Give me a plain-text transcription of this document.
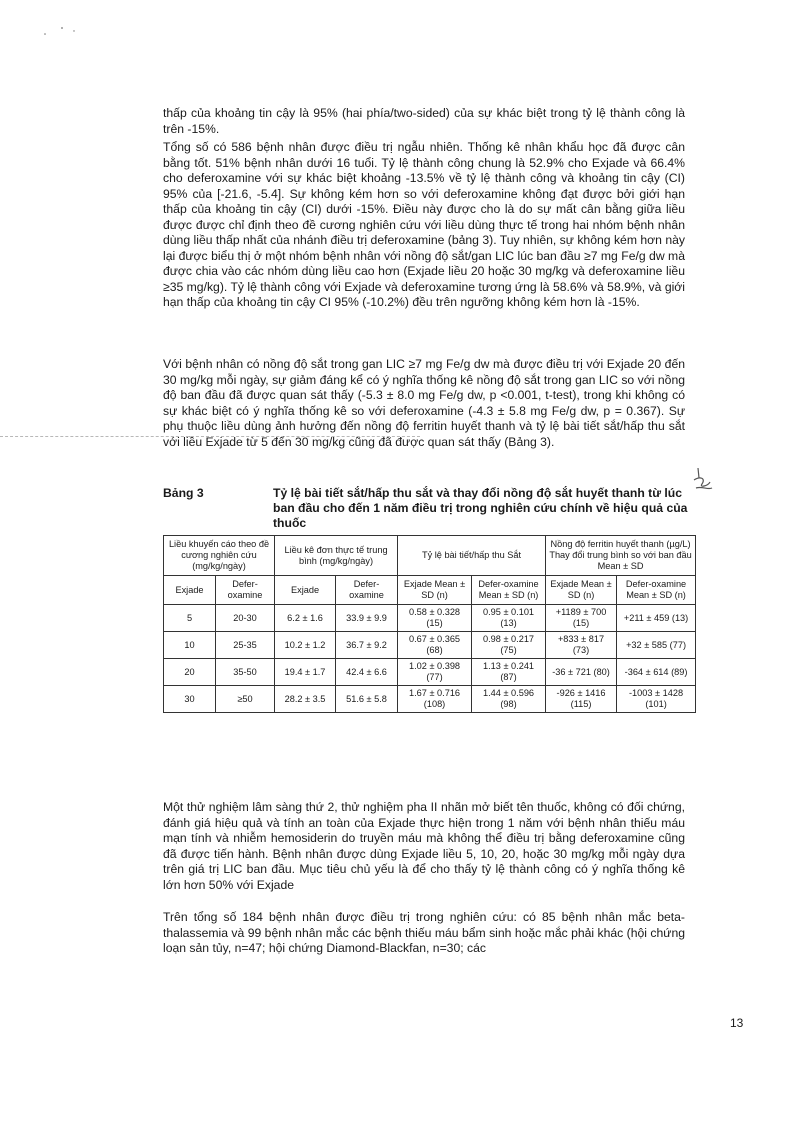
thấp của khoảng tin cậy là 95% (hai phía/two-sided) của sự khác biệt trong tỷ lệ thành công là trên -15%.

Tổng số có 586 bệnh nhân được điều trị ngẫu nhiên. Thống kê nhân khẩu học đã được cân bằng tốt. 51% bệnh nhân dưới 16 tuổi. Tỷ lệ thành công chung là 52.9% cho Exjade và 66.4% cho deferoxamine với sự khác biệt khoảng -13.5% về tỷ lệ thành công và khoảng tin cậy (CI) 95% của [-21.6, -5.4]. Sự không kém hơn so với deferoxamine không đạt được bởi giới hạn thấp của khoảng tin cậy (CI) dưới -15%. Điều này được cho là do sự mất cân bằng giữa liều được được chỉ định theo đề cương nghiên cứu với liều dùng thực tế trong hai nhóm bệnh nhân dùng liều thấp nhất của nhánh điều trị deferoxamine (bảng 3). Tuy nhiên, sự không kém hơn này lại được biểu thị ở một nhóm bệnh nhân với nồng độ sắt/gan LIC lúc ban đầu ≥7 mg Fe/g dw mà được chia vào các nhóm dùng liều cao hơn (Exjade liều 20 hoặc 30 mg/kg và deferoxamine liều ≥35 mg/kg). Tỷ lệ thành công với Exjade và deferoxamine tương ứng là 58.6% và 58.9%, và giới hạn thấp của khoảng tin cậy CI 95% (-10.2%) đều trên ngưỡng không kém hơn là -15%.

Với bệnh nhân có nồng độ sắt trong gan LIC ≥7 mg Fe/g dw mà được điều trị với Exjade 20 đến 30 mg/kg mỗi ngày, sự giảm đáng kể có ý nghĩa thống kê nồng độ sắt trong gan LIC so với nồng độ ban đầu đã được quan sát thấy (-5.3 ± 8.0 mg Fe/g dw, p <0.001, t-test), trong khi không có sự khác biệt có ý nghĩa thống kê so với deferoxamine (-4.3 ± 5.8 mg Fe/g dw, p = 0.367). Sự phụ thuộc liều dùng ảnh hưởng đến nồng độ ferritin huyết thanh và tỷ lệ bài tiết sắt/hấp thu sắt với liều Exjade từ 5 đến 30 mg/kg cũng đã được quan sát thấy (Bảng 3).

Bảng 3	Tỷ lệ bài tiết sắt/hấp thu sắt và thay đổi nồng độ sắt huyết thanh từ lúc ban đầu cho đến 1 năm điều trị trong nghiên cứu chính về hiệu quả của thuốc
Liều khuyến cáo theo đề cương nghiên cứu (mg/kg/ngày)		Liều kê đơn thực tế trung bình (mg/kg/ngày)		Tỷ lệ bài tiết/hấp thu Sắt		Nồng độ ferritin huyết thanh (µg/L) Thay đổi trung bình so với ban đầu Mean ± SD	
Exjade	Defer-oxamine	Exjade	Defer-oxamine	Exjade Mean ± SD (n)	Defer-oxamine Mean ± SD (n)	Exjade Mean ± SD (n)	Defer-oxamine Mean ± SD (n)
5	20-30	6.2 ± 1.6	33.9 ± 9.9	0.58 ± 0.328 (15)	0.95 ± 0.101 (13)	+1189 ± 700 (15)	+211 ± 459 (13)
10	25-35	10.2 ± 1.2	36.7 ± 9.2	0.67 ± 0.365 (68)	0.98 ± 0.217 (75)	+833 ± 817 (73)	+32 ± 585 (77)
20	35-50	19.4 ± 1.7	42.4 ± 6.6	1.02 ± 0.398 (77)	1.13 ± 0.241 (87)	-36 ± 721 (80)	-364 ± 614 (89)
30	≥50	28.2 ± 3.5	51.6 ± 5.8	1.67 ± 0.716 (108)	1.44 ± 0.596 (98)	-926 ± 1416 (115)	-1003 ± 1428 (101)

Một thử nghiệm lâm sàng thứ 2, thử nghiệm pha II nhãn mở biết tên thuốc, không có đối chứng, đánh giá hiệu quả và tính an toàn của Exjade thực hiện trong 1 năm với bệnh nhân thiếu máu mạn tính và nhiễm hemosiderin do truyền máu mà không thể điều trị bằng deferoxamine cũng đã được tiến hành. Bệnh nhân được dùng Exjade liều 5, 10, 20, hoặc 30 mg/kg mỗi ngày dựa trên giá trị LIC ban đầu. Mục tiêu chủ yếu là để cho thấy tỷ lệ thành công có ý nghĩa thống kê lớn hơn 50% với Exjade

Trên tổng số 184 bệnh nhân được điều trị trong nghiên cứu: có 85 bệnh nhân mắc beta-thalassemia và 99 bệnh nhân mắc các bệnh thiếu máu bẩm sinh hoặc mắc phải khác (hội chứng loạn sản tủy, n=47; hội chứng Diamond-Blackfan, n=30; các

13
